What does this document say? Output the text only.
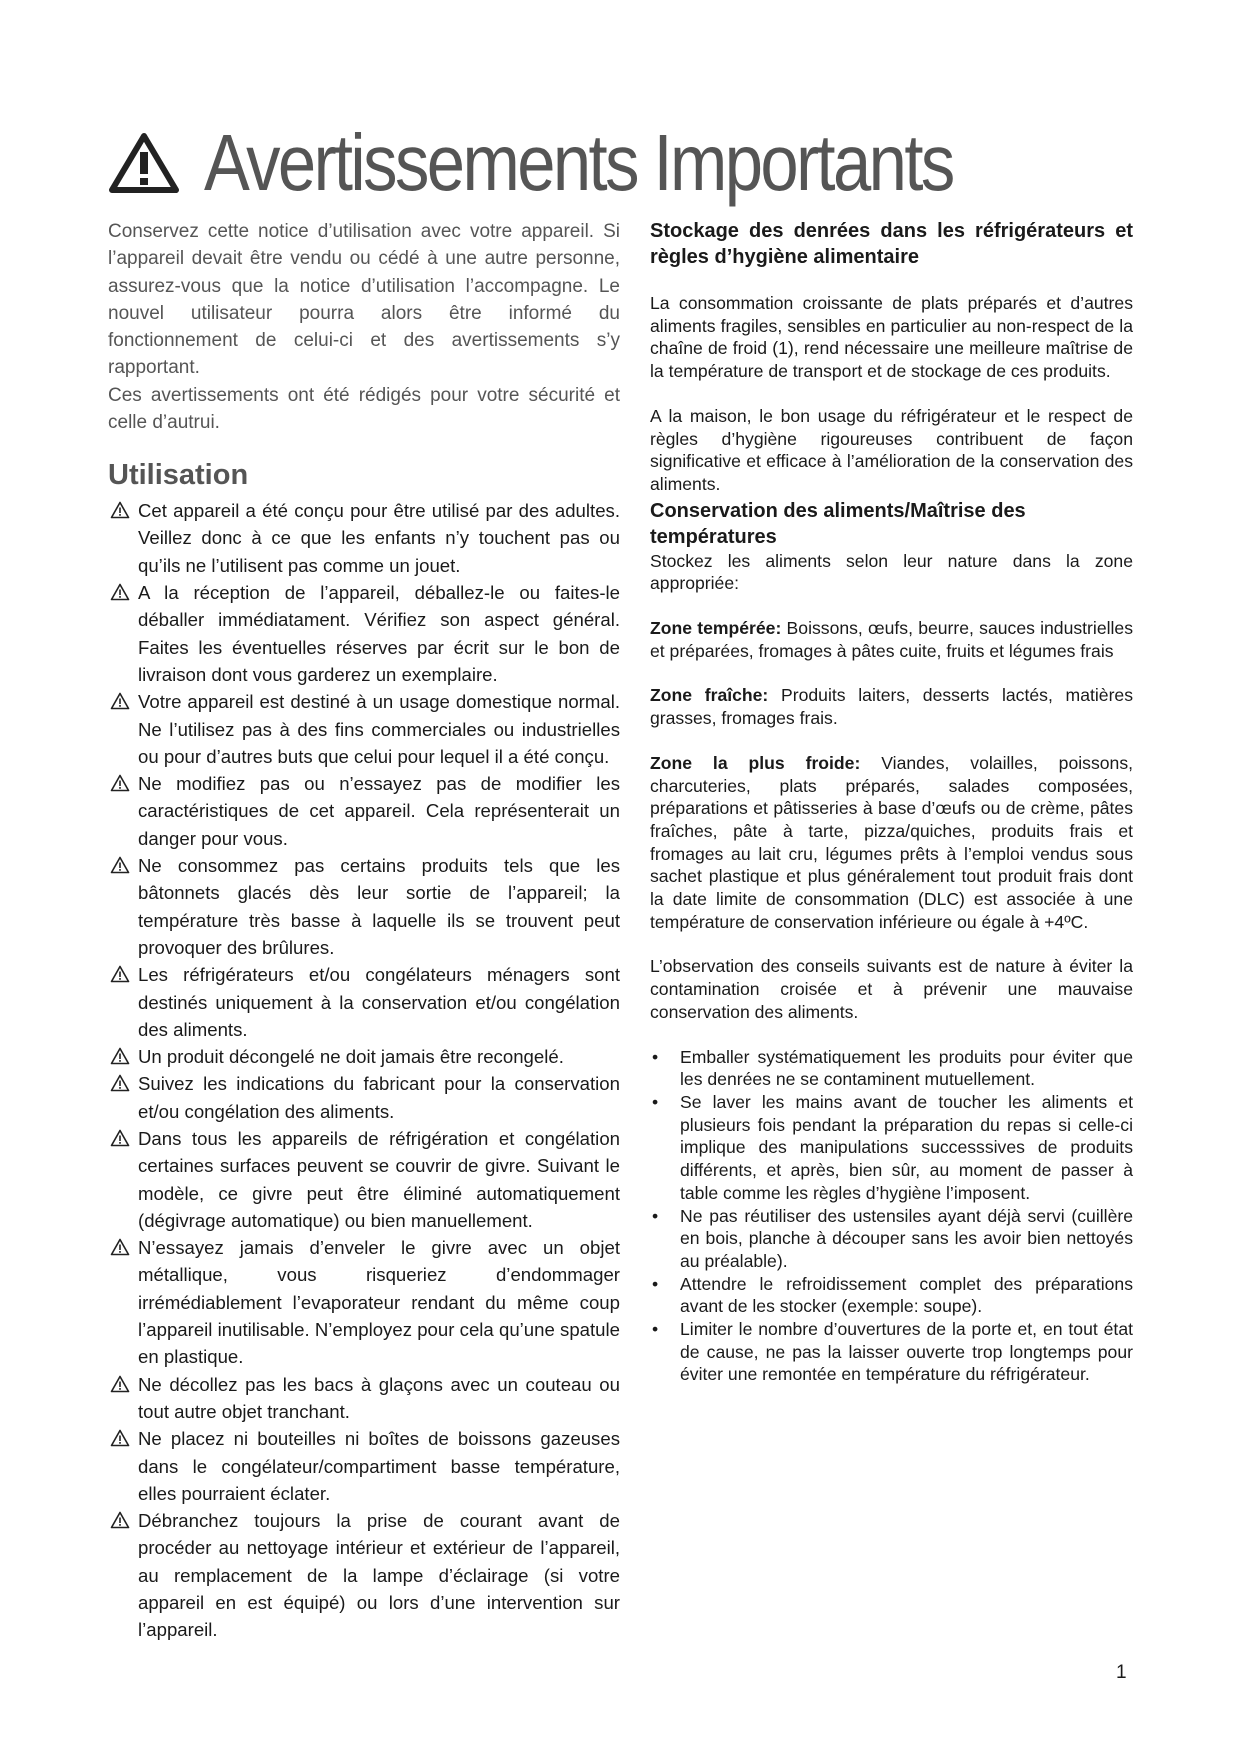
Avertissements Importants

Conservez cette notice d’utilisation avec votre appareil. Si l’appareil devait être vendu ou cédé à une autre personne, assurez-vous que la notice d’utilisation l’accompagne. Le nouvel utilisateur pourra alors être informé du fonctionnement de celui-ci et des avertissements s’y rapportant.

Ces avertissements ont été rédigés pour votre sécurité et celle d’autrui.

Utilisation
Cet appareil a été conçu pour être utilisé par des adultes. Veillez donc à ce que les enfants n’y touchent pas ou qu’ils ne l’utilisent pas comme un jouet.
A la réception de l’appareil, déballez-le ou faites-le déballer immédiatament. Vérifiez son aspect général. Faites les éventuelles réserves par écrit sur le bon de livraison dont vous garderez un exemplaire.
Votre appareil est destiné à un usage domestique normal. Ne l’utilisez pas à des fins commerciales ou industrielles ou pour d’autres buts que celui pour lequel il a été conçu.
Ne modifiez pas ou n’essayez pas de modifier les caractéristiques de cet appareil. Cela représenterait un danger pour vous.
Ne consommez pas certains produits tels que les bâtonnets glacés dès leur sortie de l’appareil; la température très basse à laquelle ils se trouvent peut provoquer des brûlures.
Les réfrigérateurs et/ou congélateurs ménagers sont destinés uniquement à la conservation et/ou congélation des aliments.
Un produit décongelé ne doit jamais être recongelé.
Suivez les indications du fabricant pour la conservation et/ou congélation des aliments.
Dans tous les appareils de réfrigération et congélation certaines surfaces peuvent se couvrir de givre. Suivant le modèle, ce givre peut être éliminé automatiquement (dégivrage automatique) ou bien manuellement.
N’essayez jamais d’enveler le givre avec un objet métallique, vous risqueriez d’endommager irrémédiablement l’evaporateur rendant du même coup l’appareil inutilisable. N’employez pour cela qu’une spatule en plastique.
Ne décollez pas les bacs à glaçons avec un couteau ou tout autre objet tranchant.
Ne placez ni bouteilles ni boîtes de boissons gazeuses dans le congélateur/compartiment basse température, elles pourraient éclater.
Débranchez toujours la prise de courant avant de procéder au nettoyage intérieur et extérieur de l’appareil, au remplacement de la lampe d’éclairage (si votre appareil en est équipé) ou lors d’une intervention sur l’appareil.
Stockage des denrées dans les réfrigérateurs et règles d’hygiène alimentaire

La consommation croissante de plats préparés et d’autres aliments fragiles, sensibles en particulier au non-respect de la chaîne de froid (1), rend nécessaire une meilleure maîtrise de la température de transport et de stockage de ces produits.

A la maison, le bon usage du réfrigérateur et le respect de règles d’hygiène rigoureuses contribuent de façon significative et efficace à l’amélioration de la conservation des aliments.

Conservation des aliments/Maîtrise des températures

Stockez les aliments selon leur nature dans la zone appropriée:

Zone tempérée: Boissons, œufs, beurre, sauces industrielles et préparées, fromages à pâtes cuite, fruits et légumes frais

Zone fraîche: Produits laiters, desserts lactés, matières grasses, fromages frais.

Zone la plus froide: Viandes, volailles, poissons, charcuteries, plats préparés, salades composées, préparations et pâtisseries à base d’œufs ou de crème, pâtes fraîches, pâte à tarte, pizza/quiches, produits frais et fromages au lait cru, légumes prêts à l’emploi vendus sous sachet plastique et plus généralement tout produit frais dont la date limite de consommation (DLC) est associée à une température de conservation inférieure ou égale à +4ºC.

L’observation des conseils suivants est de nature à éviter la contamination croisée et à prévenir une mauvaise conservation des aliments.

• Emballer systématiquement les produits pour éviter que les denrées ne se contaminent mutuellement.
• Se laver les mains avant de toucher les aliments et plusieurs fois pendant la préparation du repas si celle-ci implique des manipulations successsives de produits différents, et après, bien sûr, au moment de passer à table comme les règles d’hygiène l’imposent.
• Ne pas réutiliser des ustensiles ayant déjà servi (cuillère en bois, planche à découper sans les avoir bien nettoyés au préalable).
• Attendre le refroidissement complet des préparations avant de les stocker (exemple: soupe).
• Limiter le nombre d’ouvertures de la porte et, en tout état de cause, ne pas la laisser ouverte trop longtemps pour éviter une remontée en température du réfrigérateur.
1
